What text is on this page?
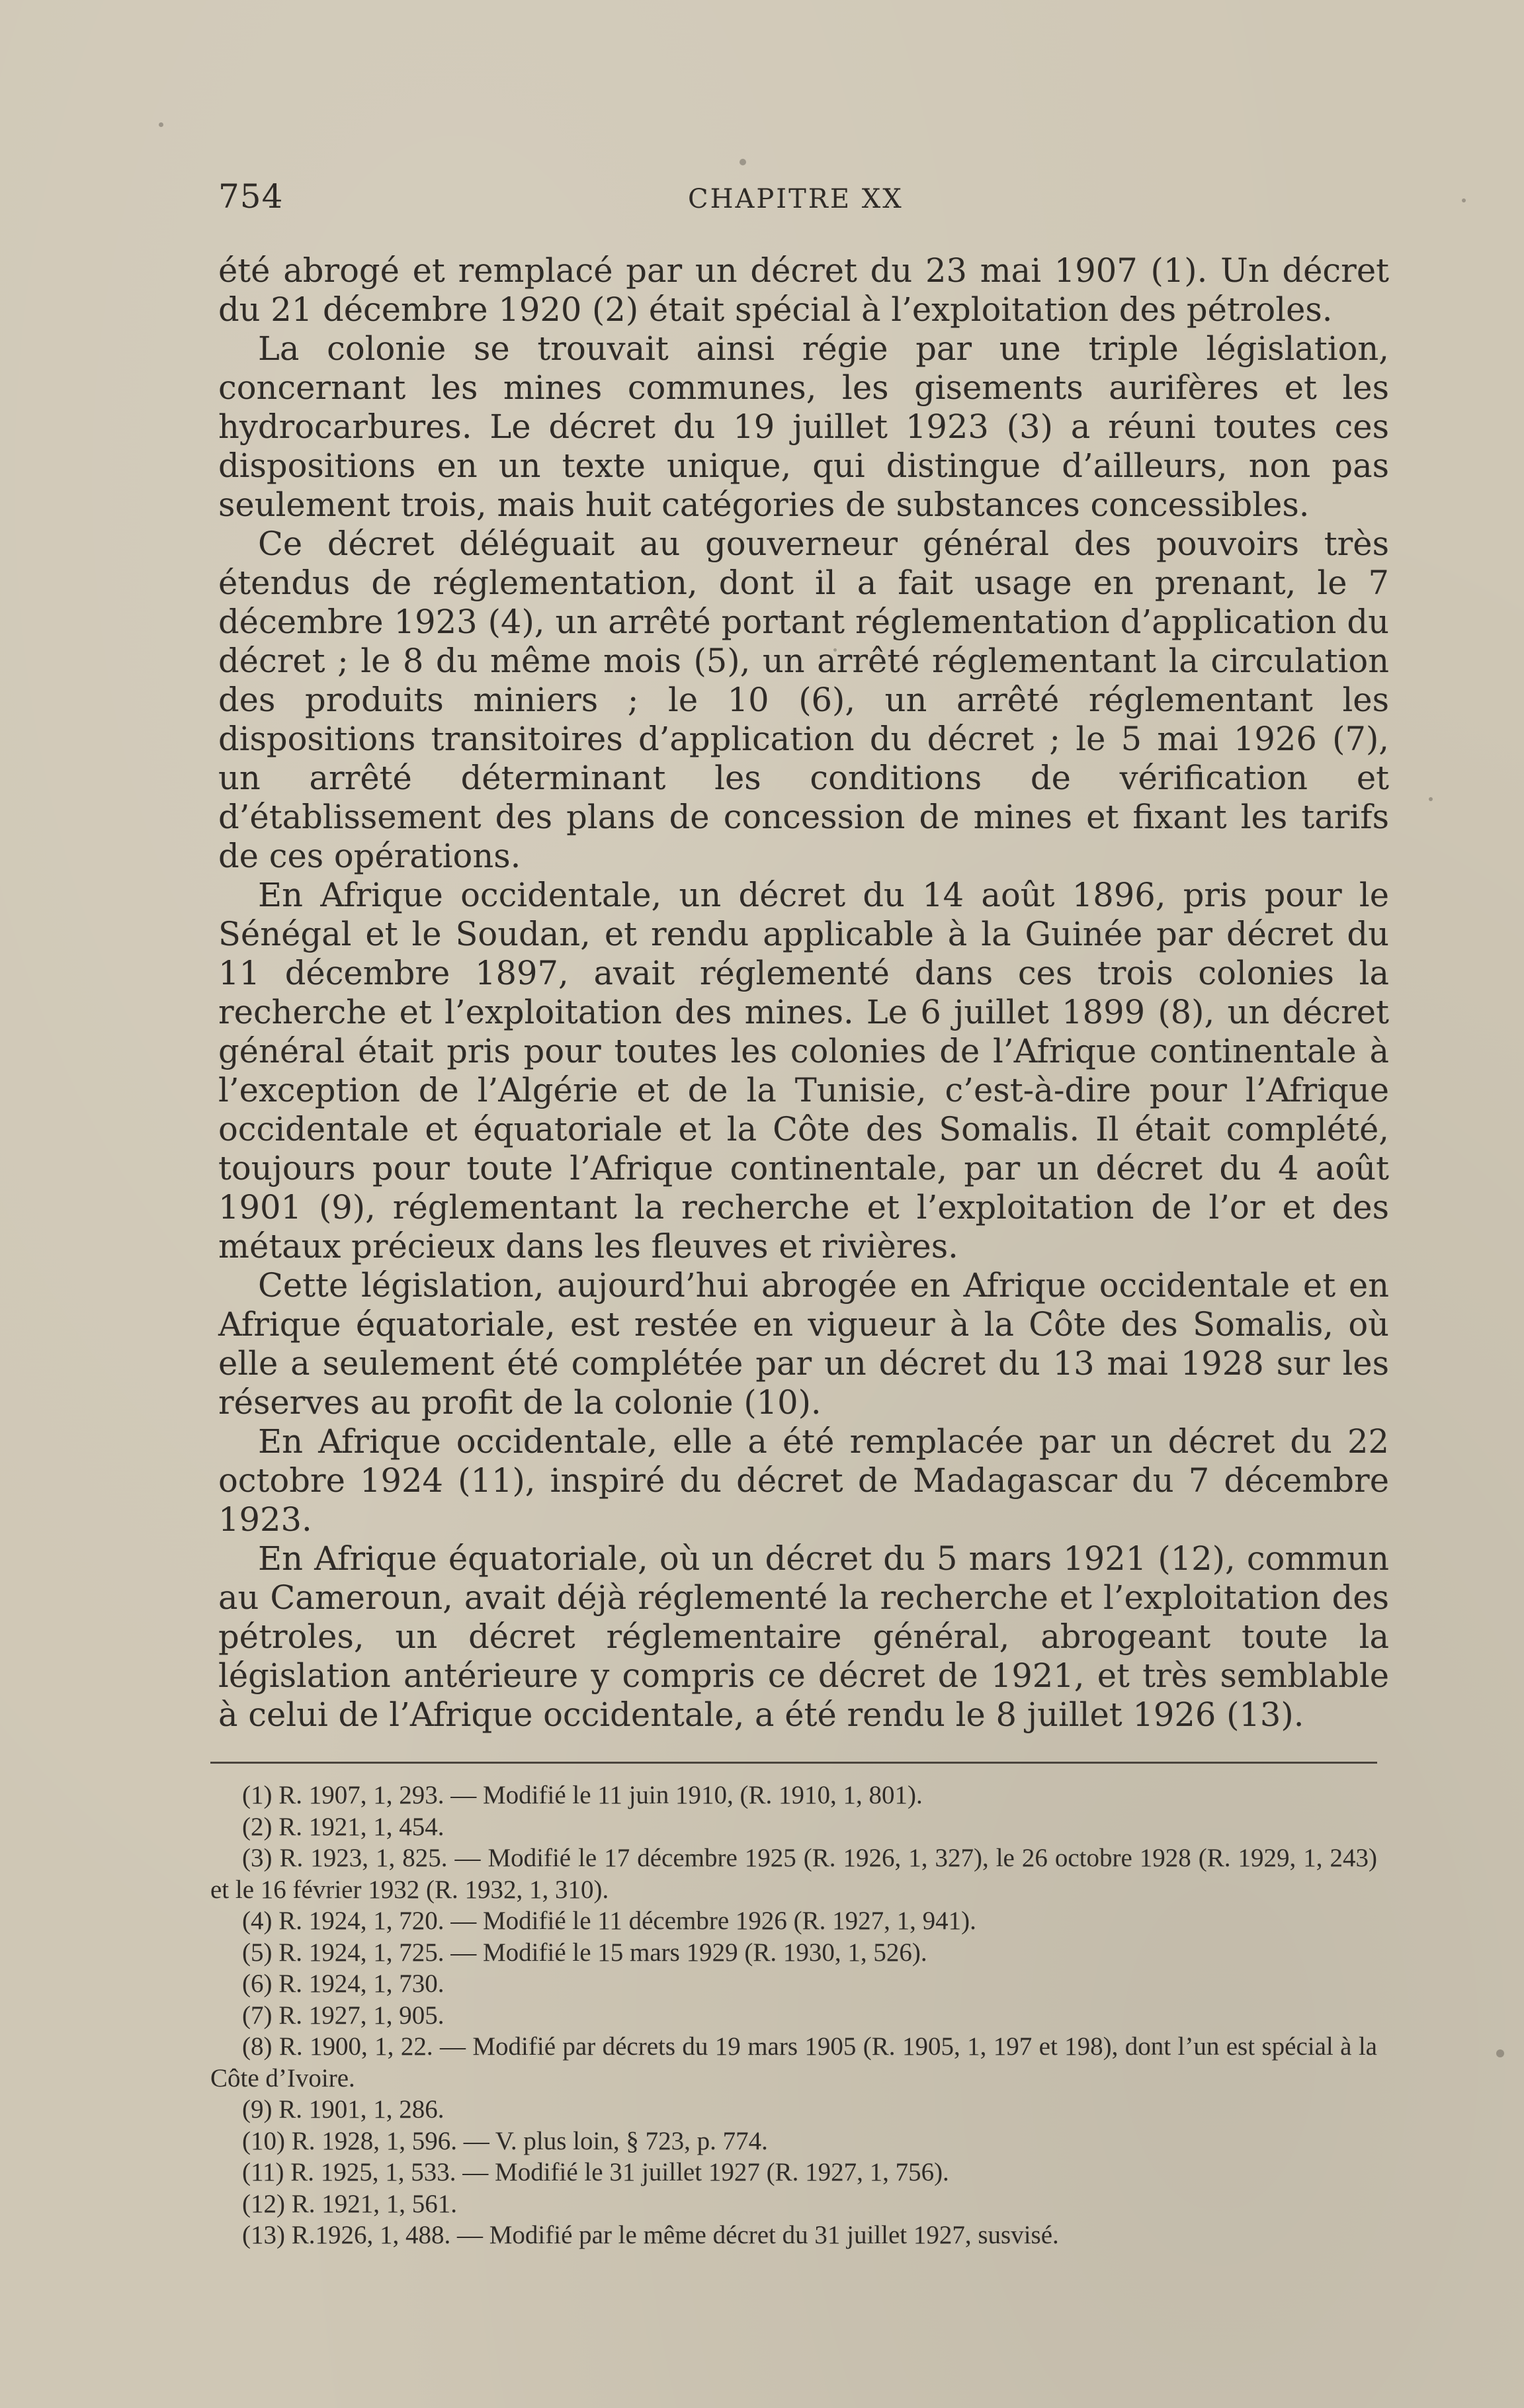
754	CHAPITRE XX

été abrogé et remplacé par un décret du 23 mai 1907 (1). Un décret du 21 décembre 1920 (2) était spécial à l’exploitation des pétroles.

La colonie se trouvait ainsi régie par une triple législation, concernant les mines communes, les gisements aurifères et les hydrocarbures. Le décret du 19 juillet 1923 (3) a réuni toutes ces dispositions en un texte unique, qui distingue d’ailleurs, non pas seulement trois, mais huit catégories de substances concessibles.

Ce décret déléguait au gouverneur général des pouvoirs très étendus de réglementation, dont il a fait usage en prenant, le 7 décembre 1923 (4), un arrêté portant réglementation d’application du décret ; le 8 du même mois (5), un arrêté réglementant la circulation des produits miniers ; le 10 (6), un arrêté réglementant les dispositions transitoires d’application du décret ; le 5 mai 1926 (7), un arrêté déterminant les conditions de vérification et d’établissement des plans de concession de mines et fixant les tarifs de ces opérations.

En Afrique occidentale, un décret du 14 août 1896, pris pour le Sénégal et le Soudan, et rendu applicable à la Guinée par décret du 11 décembre 1897, avait réglementé dans ces trois colonies la recherche et l’exploitation des mines. Le 6 juillet 1899 (8), un décret général était pris pour toutes les colonies de l’Afrique continentale à l’exception de l’Algérie et de la Tunisie, c’est-à-dire pour l’Afrique occidentale et équatoriale et la Côte des Somalis. Il était complété, toujours pour toute l’Afrique continentale, par un décret du 4 août 1901 (9), réglementant la recherche et l’exploitation de l’or et des métaux précieux dans les fleuves et rivières.

Cette législation, aujourd’hui abrogée en Afrique occidentale et en Afrique équatoriale, est restée en vigueur à la Côte des Somalis, où elle a seulement été complétée par un décret du 13 mai 1928 sur les réserves au profit de la colonie (10).

En Afrique occidentale, elle a été remplacée par un décret du 22 octobre 1924 (11), inspiré du décret de Madagascar du 7 décembre 1923.

En Afrique équatoriale, où un décret du 5 mars 1921 (12), commun au Cameroun, avait déjà réglementé la recherche et l’exploitation des pétroles, un décret réglementaire général, abrogeant toute la législation antérieure y compris ce décret de 1921, et très semblable à celui de l’Afrique occidentale, a été rendu le 8 juillet 1926 (13).

(1) R. 1907, 1, 293. — Modifié le 11 juin 1910, (R. 1910, 1, 801).

(2) R. 1921, 1, 454.

(3) R. 1923, 1, 825. — Modifié le 17 décembre 1925 (R. 1926, 1, 327), le 26 octobre 1928 (R. 1929, 1, 243) et le 16 février 1932 (R. 1932, 1, 310).

(4) R. 1924, 1, 720. — Modifié le 11 décembre 1926 (R. 1927, 1, 941).

(5) R. 1924, 1, 725. — Modifié le 15 mars 1929 (R. 1930, 1, 526).

(6) R. 1924, 1, 730.

(7) R. 1927, 1, 905.

(8) R. 1900, 1, 22. — Modifié par décrets du 19 mars 1905 (R. 1905, 1, 197 et 198), dont l’un est spécial à la Côte d’Ivoire.

(9) R. 1901, 1, 286.

(10) R. 1928, 1, 596. — V. plus loin, § 723, p. 774.

(11) R. 1925, 1, 533. — Modifié le 31 juillet 1927 (R. 1927, 1, 756).

(12) R. 1921, 1, 561.

(13) R.1926, 1, 488. — Modifié par le même décret du 31 juillet 1927, susvisé.
